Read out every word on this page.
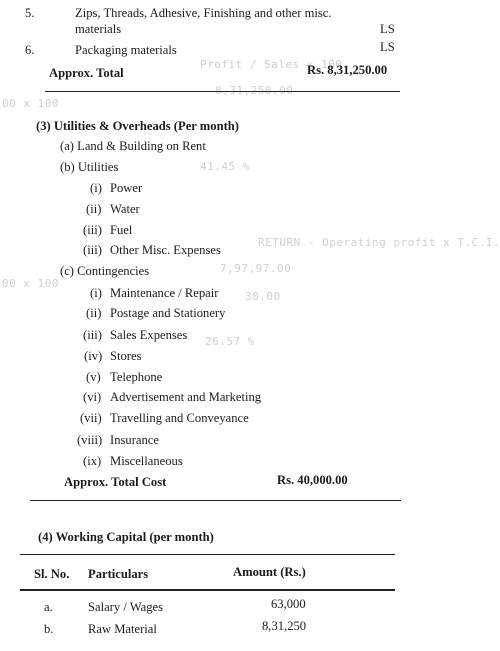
Profit / Sales x 100
8,31,250.00
00 x 100
41.45 %
RETURN - Operating profit x T.C.I.
7,97,97.00
00 x 100
30.00
26.57 %
5.	Zips, Threads, Adhesive, Finishing and other misc.
materials	LS
6.	Packaging materials	LS
Approx. Total	Rs. 8,31,250.00
(3) Utilities & Overheads (Per month)
(a) Land & Building on Rent
(b) Utilities
(i) Power
(ii) Water
(iii) Fuel
(iii) Other Misc. Expenses
(c) Contingencies
(i) Maintenance / Repair
(ii) Postage and Stationery
(iii) Sales Expenses
(iv) Stores
(v) Telephone
(vi) Advertisement and Marketing
(vii) Travelling and Conveyance
(viii) Insurance
(ix) Miscellaneous
Approx. Total Cost	Rs. 40,000.00
(4) Working Capital (per month)
Sl. No. Particulars	Amount (Rs.)
a.	Salary / Wages	63,000
b.	Raw Material	8,31,250
